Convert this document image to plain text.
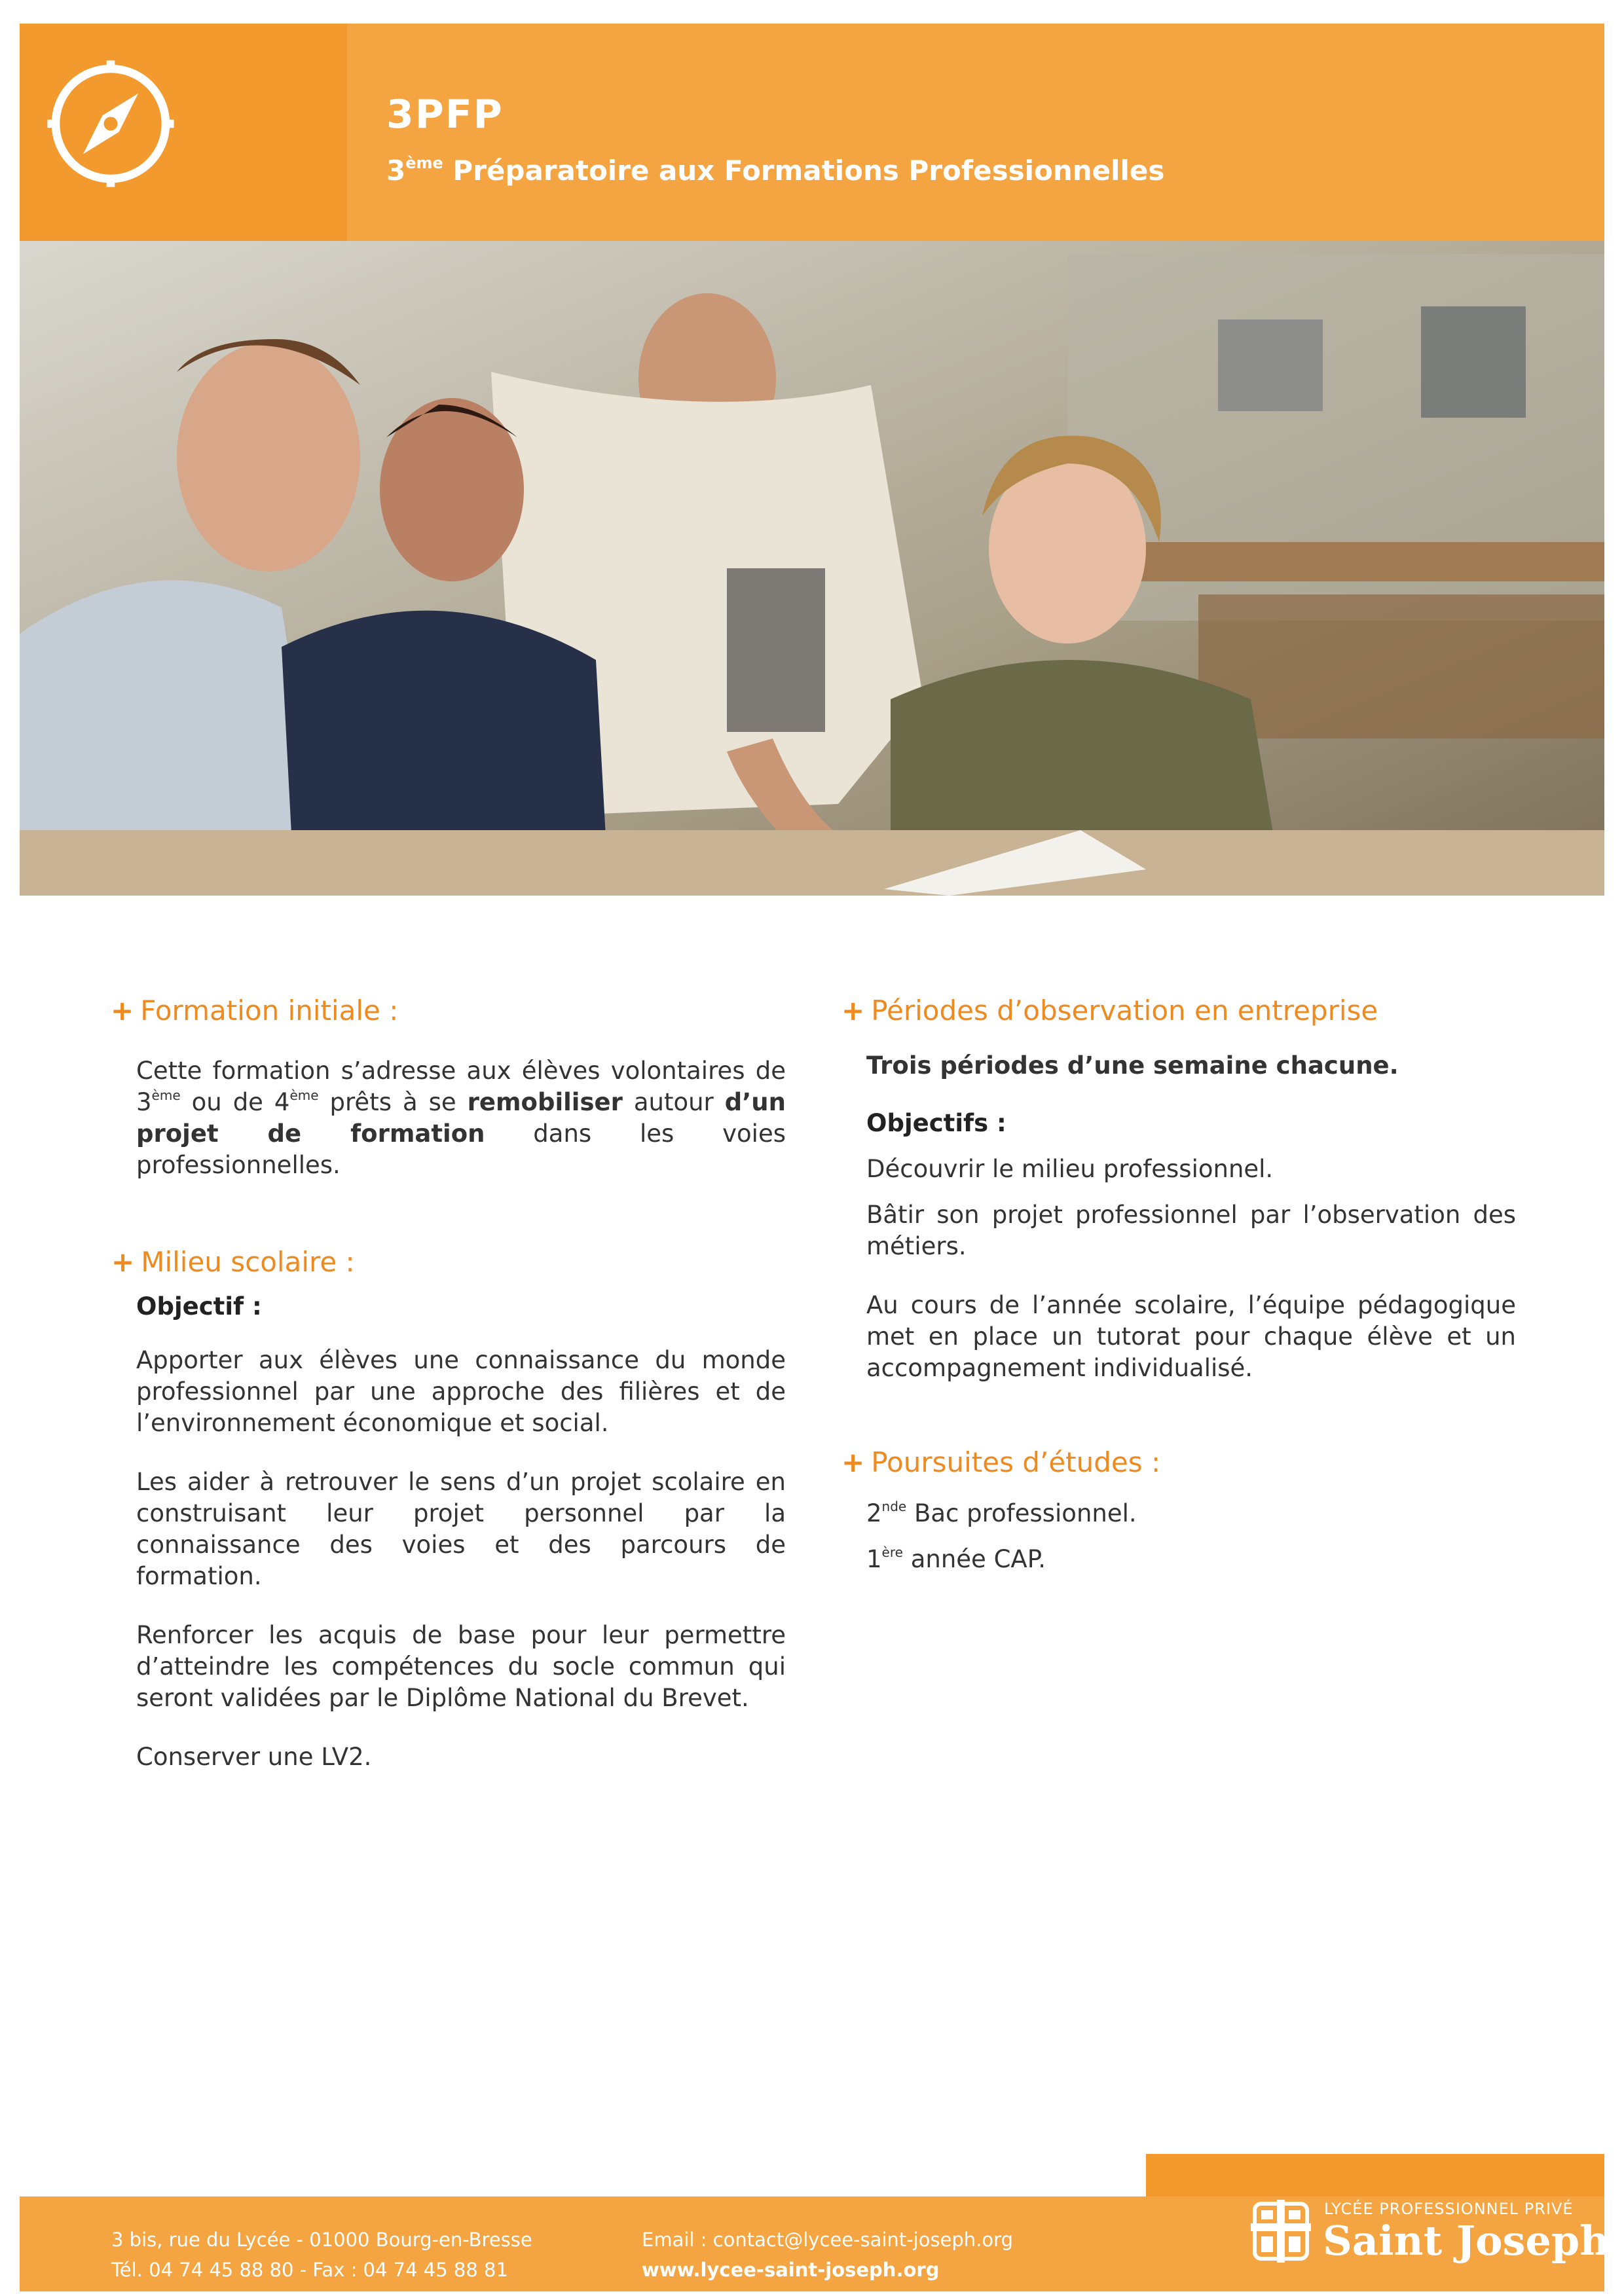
3PFP
3ème Préparatoire aux Formations Professionnelles
+ Formation initiale :

Cette formation s’adresse aux élèves volontaires de 3ème ou de 4ème prêts à se remobiliser autour d’un projet de formation dans les voies professionnelles.

+ Milieu scolaire :

Objectif :

Apporter aux élèves une connaissance du monde professionnel par une approche des filières et de l’environnement économique et social.

Les aider à retrouver le sens d’un projet scolaire en construisant leur projet personnel par la connaissance des voies et des parcours de formation.

Renforcer les acquis de base pour leur permettre d’atteindre les compétences du socle commun qui seront validées par le Diplôme National du Brevet.

Conserver une LV2.

+ Périodes d’observation en entreprise

Trois périodes d’une semaine chacune.

Objectifs :

Découvrir le milieu professionnel.

Bâtir son projet professionnel par l’observation des métiers.

Au cours de l’année scolaire, l’équipe pédagogique met en place un tutorat pour chaque élève et un accompagnement individualisé.

+ Poursuites d’études :

2nde Bac professionnel.

1ère année CAP.

3 bis, rue du Lycée - 01000 Bourg-en-Bresse
Tél. 04 74 45 88 80 - Fax : 04 74 45 88 81
Email : contact@lycee-saint-joseph.org
www.lycee-saint-joseph.org
LYCÉE PROFESSIONNEL PRIVÉ
Saint Joseph
